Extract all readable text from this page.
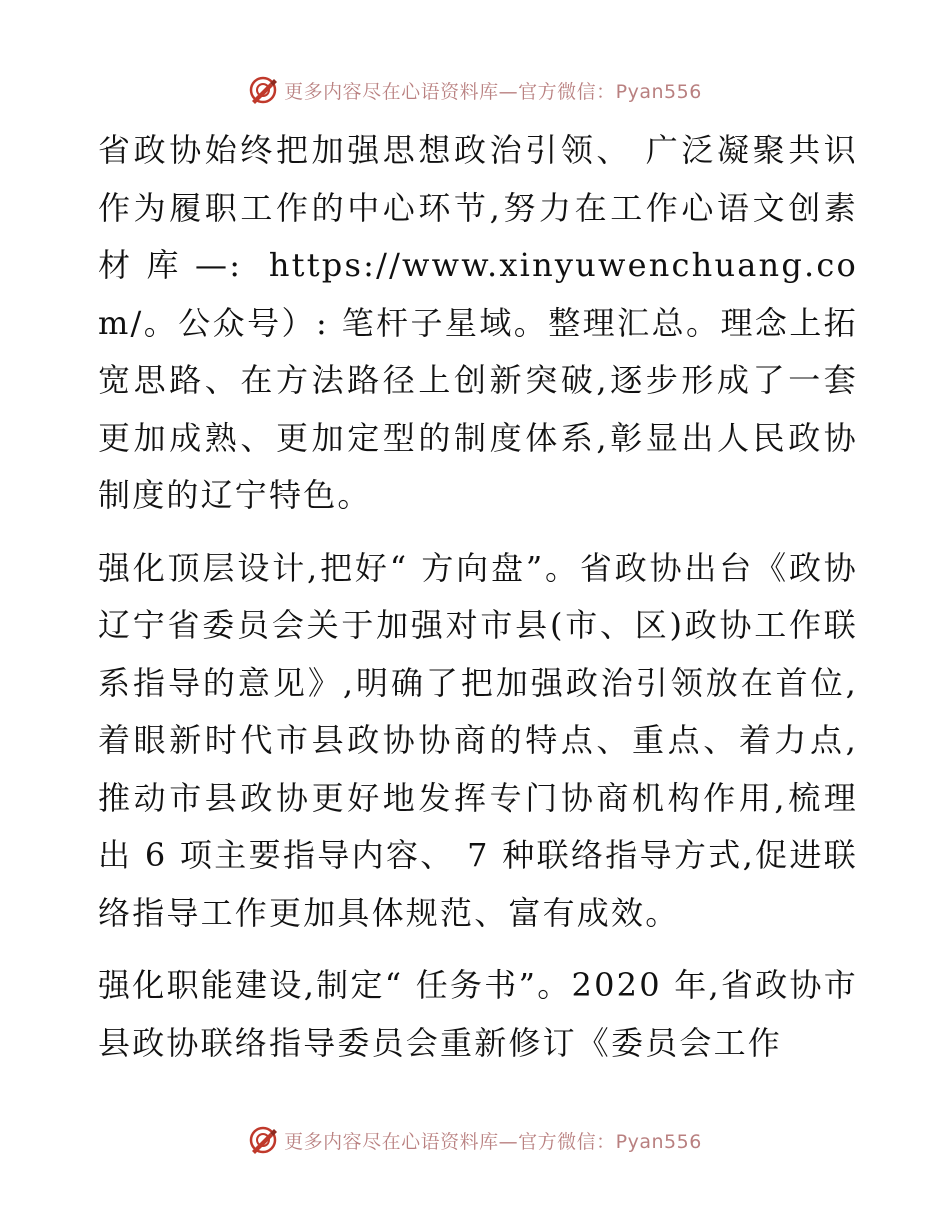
更多内容尽在心语资料库—官方微信：Pyan556

省政协始终把加强思想政治引领、 广泛凝聚共识作为履职工作的中心环节,努力在工作心语文创素材库—: https://www.xinyuwenchuang.com/。公众号）: 笔杆子星域。整理汇总。理念上拓宽思路、在方法路径上创新突破,逐步形成了一套更加成熟、更加定型的制度体系,彰显出人民政协制度的辽宁特色。

强化顶层设计,把好“ 方向盘”。省政协出台《政协辽宁省委员会关于加强对市县(市、区)政协工作联系指导的意见》,明确了把加强政治引领放在首位,着眼新时代市县政协协商的特点、重点、着力点,推动市县政协更好地发挥专门协商机构作用,梳理出 6 项主要指导内容、 7 种联络指导方式,促进联络指导工作更加具体规范、富有成效。

强化职能建设,制定“ 任务书”。2020 年,省政协市县政协联络指导委员会重新修订《委员会工作

更多内容尽在心语资料库—官方微信：Pyan556
